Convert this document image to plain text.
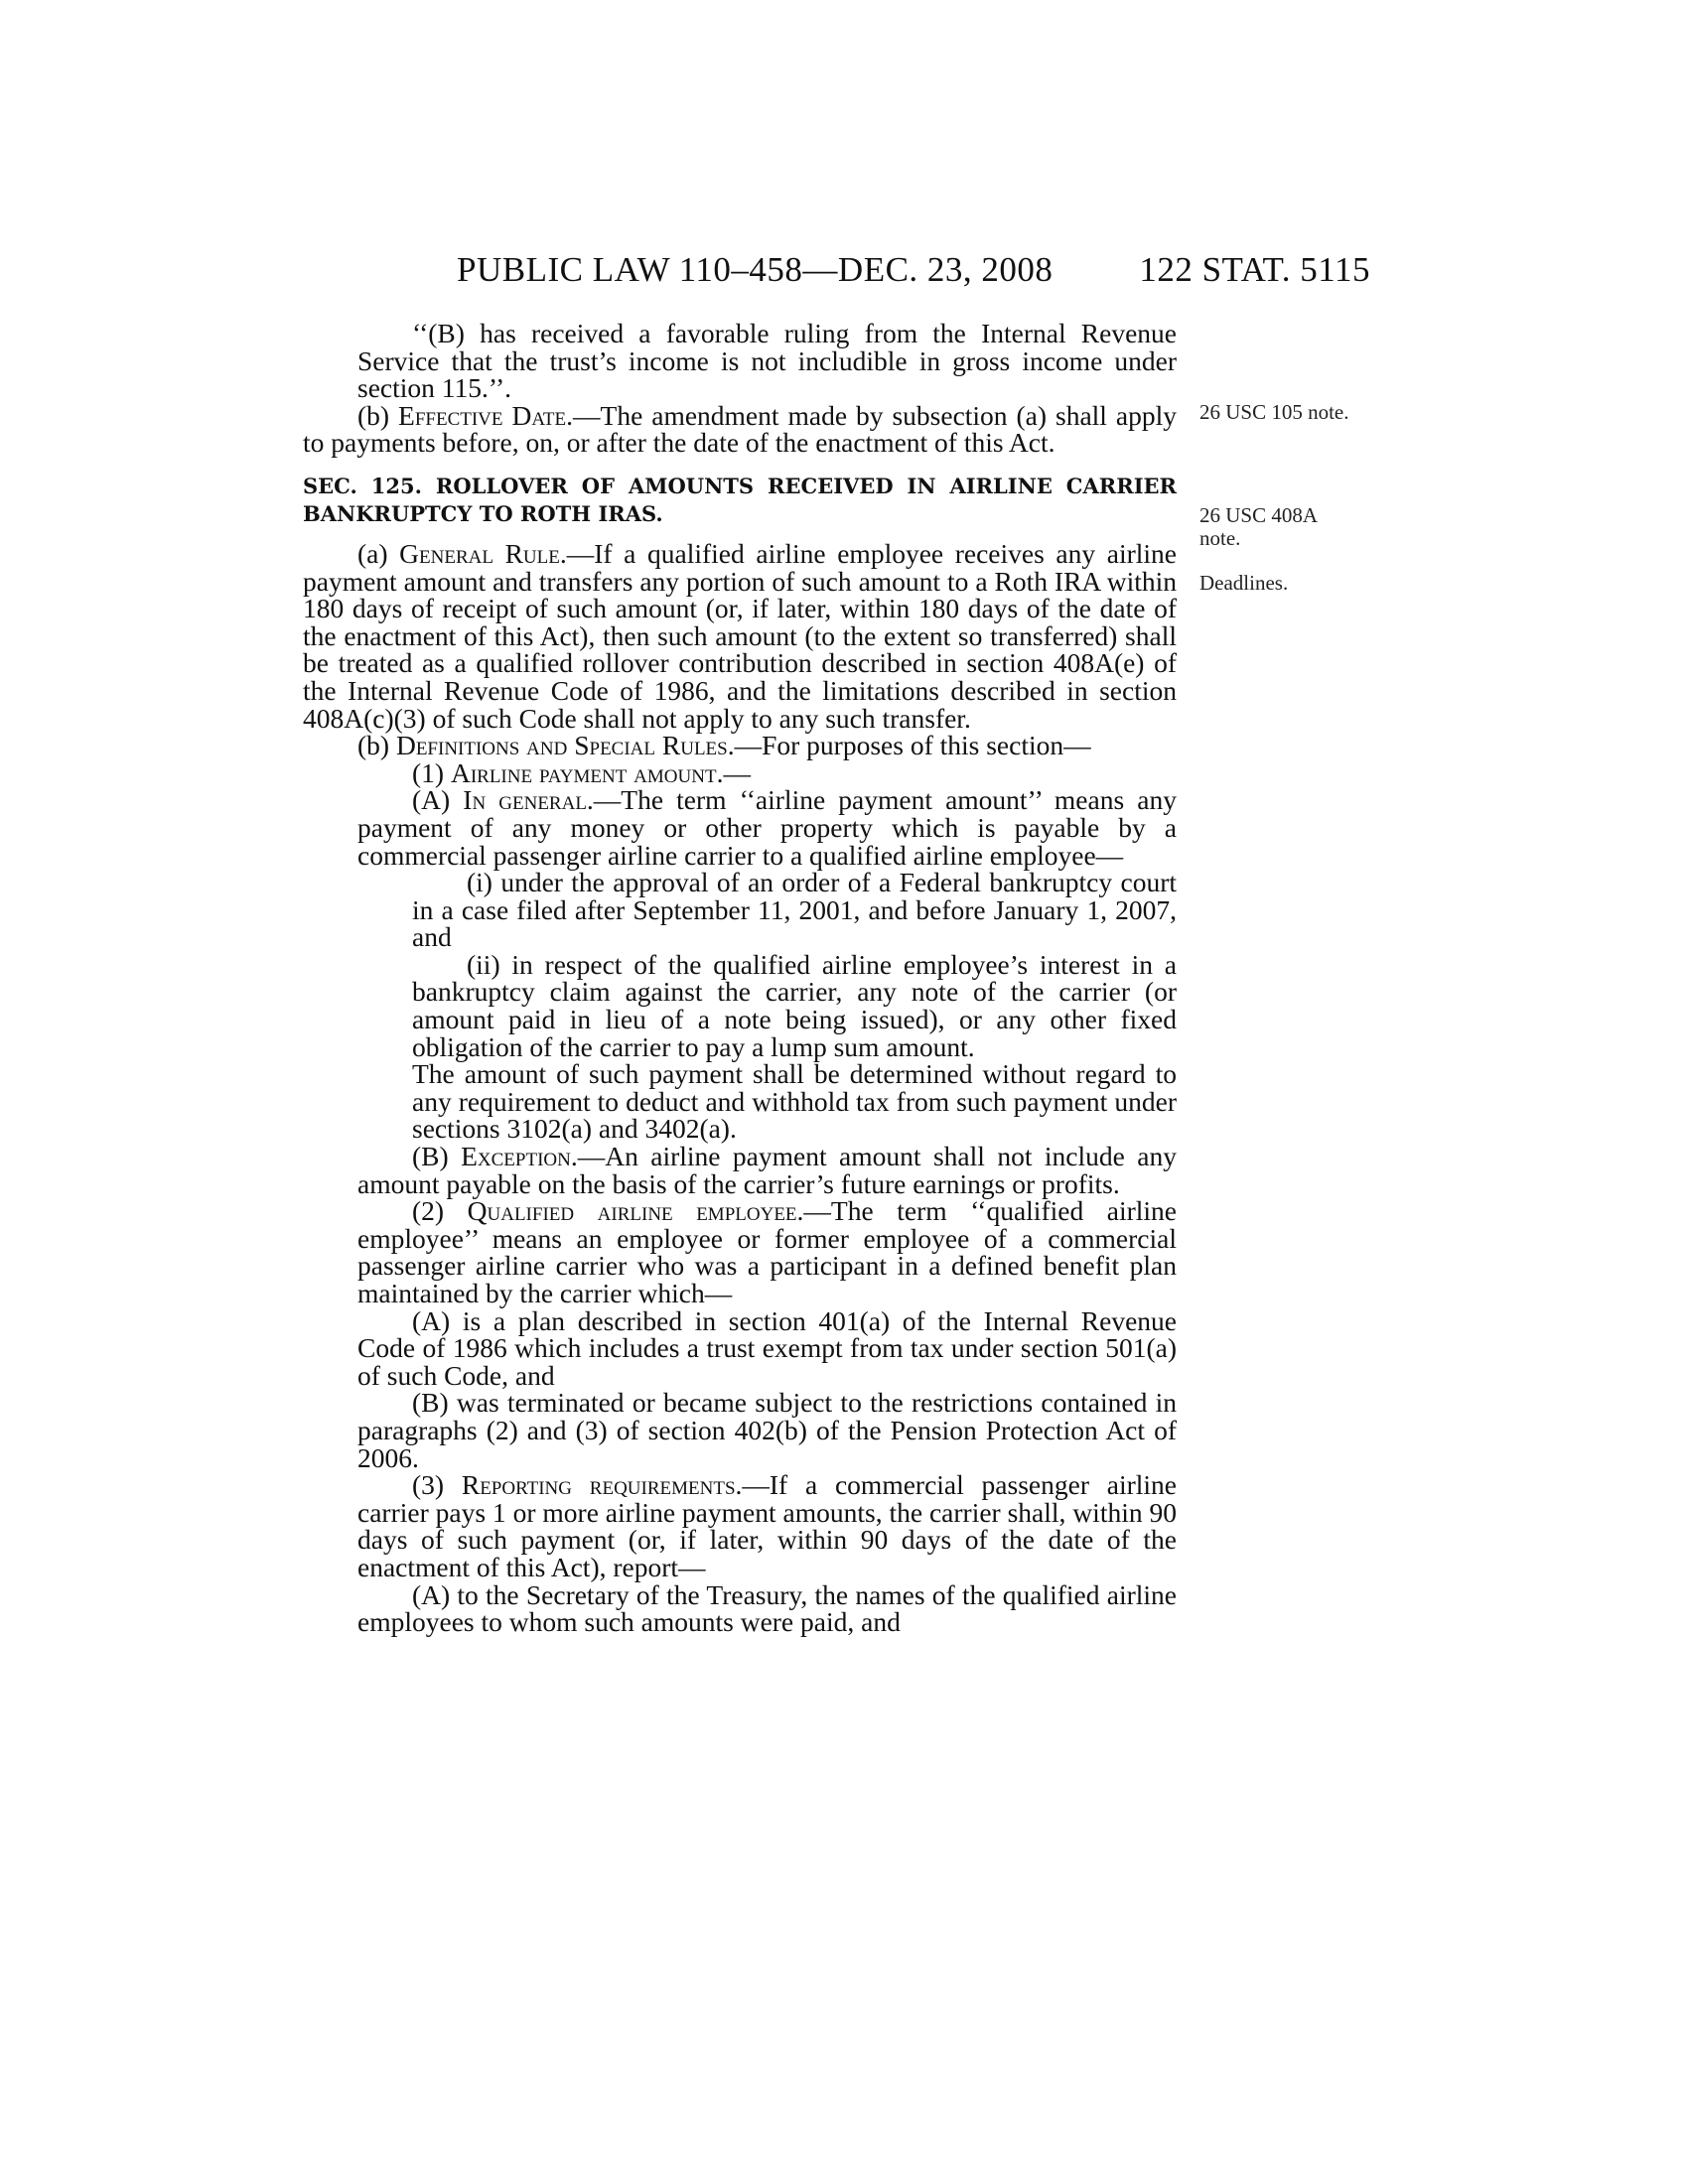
PUBLIC LAW 110–458—DEC. 23, 2008 122 STAT. 5115
26 USC 105 note.
26 USC 408A
note.
Deadlines.

‘‘(B) has received a favorable ruling from the Internal Revenue Service that the trust’s income is not includible in gross income under section 115.’’.

(b) Effective Date.—The amendment made by subsection (a) shall apply to payments before, on, or after the date of the enactment of this Act.

SEC. 125. ROLLOVER OF AMOUNTS RECEIVED IN AIRLINE CARRIER BANKRUPTCY TO ROTH IRAS.

(a) General Rule.—If a qualified airline employee receives any airline payment amount and transfers any portion of such amount to a Roth IRA within 180 days of receipt of such amount (or, if later, within 180 days of the date of the enactment of this Act), then such amount (to the extent so transferred) shall be treated as a qualified rollover contribution described in section 408A(e) of the Internal Revenue Code of 1986, and the limitations described in section 408A(c)(3) of such Code shall not apply to any such transfer.

(b) Definitions and Special Rules.—For purposes of this section—

(1) Airline payment amount.—

(A) In general.—The term ‘‘airline payment amount’’ means any payment of any money or other property which is payable by a commercial passenger airline carrier to a qualified airline employee—

(i) under the approval of an order of a Federal bankruptcy court in a case filed after September 11, 2001, and before January 1, 2007, and

(ii) in respect of the qualified airline employee’s interest in a bankruptcy claim against the carrier, any note of the carrier (or amount paid in lieu of a note being issued), or any other fixed obligation of the carrier to pay a lump sum amount.

The amount of such payment shall be determined without regard to any requirement to deduct and withhold tax from such payment under sections 3102(a) and 3402(a).

(B) Exception.—An airline payment amount shall not include any amount payable on the basis of the carrier’s future earnings or profits.

(2) Qualified airline employee.—The term ‘‘qualified airline employee’’ means an employee or former employee of a commercial passenger airline carrier who was a participant in a defined benefit plan maintained by the carrier which—

(A) is a plan described in section 401(a) of the Internal Revenue Code of 1986 which includes a trust exempt from tax under section 501(a) of such Code, and

(B) was terminated or became subject to the restrictions contained in paragraphs (2) and (3) of section 402(b) of the Pension Protection Act of 2006.

(3) Reporting requirements.—If a commercial passenger airline carrier pays 1 or more airline payment amounts, the carrier shall, within 90 days of such payment (or, if later, within 90 days of the date of the enactment of this Act), report—

(A) to the Secretary of the Treasury, the names of the qualified airline employees to whom such amounts were paid, and
